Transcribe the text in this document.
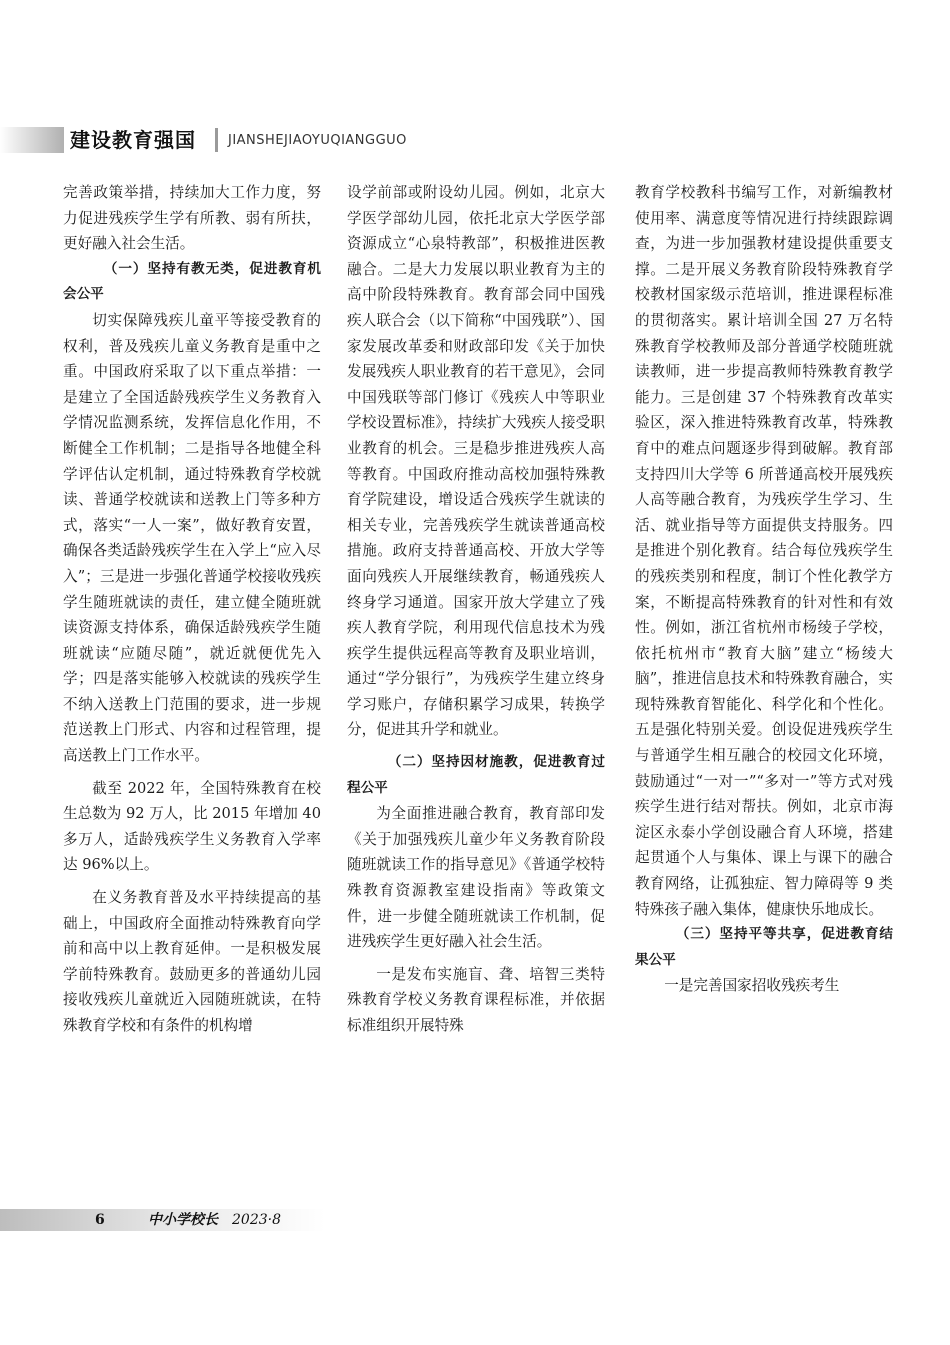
建设教育强国 JIANSHEJIAOYUQIANGGUO

完善政策举措，持续加大工作力度，努力促进残疾学生学有所教、弱有所扶，更好融入社会生活。

（一）坚持有教无类，促进教育机会公平

切实保障残疾儿童平等接受教育的权利，普及残疾儿童义务教育是重中之重。中国政府采取了以下重点举措：一是建立了全国适龄残疾学生义务教育入学情况监测系统，发挥信息化作用，不断健全工作机制；二是指导各地健全科学评估认定机制，通过特殊教育学校就读、普通学校就读和送教上门等多种方式，落实“一人一案”，做好教育安置，确保各类适龄残疾学生在入学上“应入尽入”；三是进一步强化普通学校接收残疾学生随班就读的责任，建立健全随班就读资源支持体系，确保适龄残疾学生随班就读“应随尽随”，就近就便优先入学；四是落实能够入校就读的残疾学生不纳入送教上门范围的要求，进一步规范送教上门形式、内容和过程管理，提高送教上门工作水平。

截至 2022 年，全国特殊教育在校生总数为 92 万人，比 2015 年增加 40 多万人，适龄残疾学生义务教育入学率达 96%以上。

在义务教育普及水平持续提高的基础上，中国政府全面推动特殊教育向学前和高中以上教育延伸。一是积极发展学前特殊教育。鼓励更多的普通幼儿园接收残疾儿童就近入园随班就读，在特殊教育学校和有条件的机构增

设学前部或附设幼儿园。例如，北京大学医学部幼儿园，依托北京大学医学部资源成立“心泉特教部”，积极推进医教融合。二是大力发展以职业教育为主的高中阶段特殊教育。教育部会同中国残疾人联合会（以下简称“中国残联”）、国家发展改革委和财政部印发《关于加快发展残疾人职业教育的若干意见》，会同中国残联等部门修订《残疾人中等职业学校设置标准》，持续扩大残疾人接受职业教育的机会。三是稳步推进残疾人高等教育。中国政府推动高校加强特殊教育学院建设，增设适合残疾学生就读的相关专业，完善残疾学生就读普通高校措施。政府支持普通高校、开放大学等面向残疾人开展继续教育，畅通残疾人终身学习通道。国家开放大学建立了残疾人教育学院，利用现代信息技术为残疾学生提供远程高等教育及职业培训，通过“学分银行”，为残疾学生建立终身学习账户，存储积累学习成果，转换学分，促进其升学和就业。

（二）坚持因材施教，促进教育过程公平

为全面推进融合教育，教育部印发《关于加强残疾儿童少年义务教育阶段随班就读工作的指导意见》《普通学校特殊教育资源教室建设指南》等政策文件，进一步健全随班就读工作机制，促进残疾学生更好融入社会生活。

一是发布实施盲、聋、培智三类特殊教育学校义务教育课程标准，并依据标准组织开展特殊

教育学校教科书编写工作，对新编教材使用率、满意度等情况进行持续跟踪调查，为进一步加强教材建设提供重要支撑。二是开展义务教育阶段特殊教育学校教材国家级示范培训，推进课程标准的贯彻落实。累计培训全国 27 万名特殊教育学校教师及部分普通学校随班就读教师，进一步提高教师特殊教育教学能力。三是创建 37 个特殊教育改革实验区，深入推进特殊教育改革，特殊教育中的难点问题逐步得到破解。教育部支持四川大学等 6 所普通高校开展残疾人高等融合教育，为残疾学生学习、生活、就业指导等方面提供支持服务。四是推进个别化教育。结合每位残疾学生的残疾类别和程度，制订个性化教学方案，不断提高特殊教育的针对性和有效性。例如，浙江省杭州市杨绫子学校，依托杭州市“教育大脑”建立“杨绫大脑”，推进信息技术和特殊教育融合，实现特殊教育智能化、科学化和个性化。五是强化特别关爱。创设促进残疾学生与普通学生相互融合的校园文化环境，鼓励通过“一对一”“多对一”等方式对残疾学生进行结对帮扶。例如，北京市海淀区永泰小学创设融合育人环境，搭建起贯通个人与集体、课上与课下的融合教育网络，让孤独症、智力障碍等 9 类特殊孩子融入集体，健康快乐地成长。

（三）坚持平等共享，促进教育结果公平

一是完善国家招收残疾考生

6	中小学校长 2023·8
